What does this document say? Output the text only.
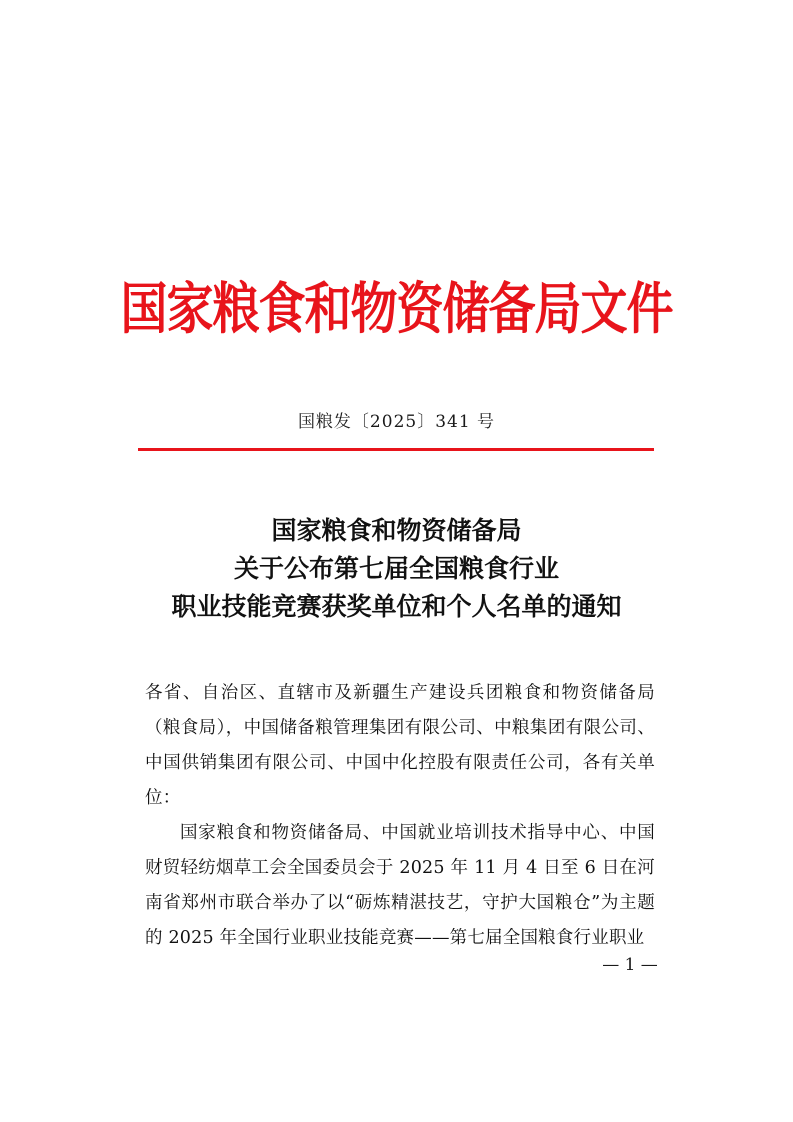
国家粮食和物资储备局文件
国粮发〔2025〕341 号
国家粮食和物资储备局
关于公布第七届全国粮食行业
职业技能竞赛获奖单位和个人名单的通知

各省、自治区、直辖市及新疆生产建设兵团粮食和物资储备局（粮食局），中国储备粮管理集团有限公司、中粮集团有限公司、中国供销集团有限公司、中国中化控股有限责任公司，各有关单位：

国家粮食和物资储备局、中国就业培训技术指导中心、中国财贸轻纺烟草工会全国委员会于 2025 年 11 月 4 日至 6 日在河南省郑州市联合举办了以“砺炼精湛技艺，守护大国粮仓”为主题的 2025 年全国行业职业技能竞赛——第七届全国粮食行业职业

— 1 —
